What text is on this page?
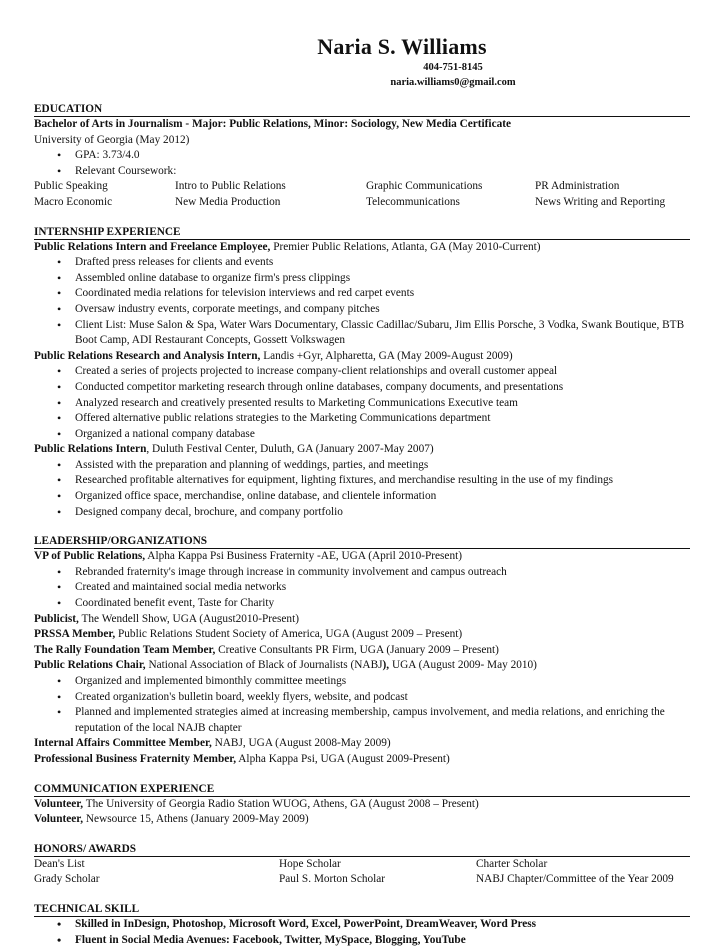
Naria S. Williams
404-751-8145
naria.williams0@gmail.com
EDUCATION
Bachelor of Arts in Journalism - Major: Public Relations, Minor: Sociology, New Media Certificate
University of Georgia (May 2012)
• GPA: 3.73/4.0
• Relevant Coursework:
Public Speaking	Intro to Public Relations	Graphic Communications	PR Administration
Macro Economic	New Media Production	Telecommunications	News Writing and Reporting
INTERNSHIP EXPERIENCE
Public Relations Intern and Freelance Employee, Premier Public Relations, Atlanta, GA (May 2010-Current)
• Drafted press releases for clients and events
• Assembled online database to organize firm's press clippings
• Coordinated media relations for television interviews and red carpet events
• Oversaw industry events, corporate meetings, and company pitches
• Client List: Muse Salon & Spa, Water Wars Documentary, Classic Cadillac/Subaru, Jim Ellis Porsche, 3 Vodka, Swank Boutique, BTB Boot Camp, ADI Restaurant Concepts, Gossett Volkswagen
Public Relations Research and Analysis Intern, Landis +Gyr, Alpharetta, GA (May 2009-August 2009)
• Created a series of projects projected to increase company-client relationships and overall customer appeal
• Conducted competitor marketing research through online databases, company documents, and presentations
• Analyzed research and creatively presented results to Marketing Communications Executive team
• Offered alternative public relations strategies to the Marketing Communications department
• Organized a national company database
Public Relations Intern, Duluth Festival Center, Duluth, GA (January 2007-May 2007)
• Assisted with the preparation and planning of weddings, parties, and meetings
• Researched profitable alternatives for equipment, lighting fixtures, and merchandise resulting in the use of my findings
• Organized office space, merchandise, online database, and clientele information
• Designed company decal, brochure, and company portfolio
LEADERSHIP/ORGANIZATIONS
VP of Public Relations, Alpha Kappa Psi Business Fraternity -AE, UGA (April 2010-Present)
• Rebranded fraternity's image through increase in community involvement and campus outreach
• Created and maintained social media networks
• Coordinated benefit event, Taste for Charity
Publicist, The Wendell Show, UGA (August2010-Present)
PRSSA Member, Public Relations Student Society of America, UGA (August 2009 – Present)
The Rally Foundation Team Member, Creative Consultants PR Firm, UGA (January 2009 – Present)
Public Relations Chair, National Association of Black of Journalists (NABJ), UGA (August 2009- May 2010)
• Organized and implemented bimonthly committee meetings
• Created organization's bulletin board, weekly flyers, website, and podcast
• Planned and implemented strategies aimed at increasing membership, campus involvement, and media relations, and enriching the reputation of the local NAJB chapter
Internal Affairs Committee Member, NABJ, UGA (August 2008-May 2009)
Professional Business Fraternity Member, Alpha Kappa Psi, UGA (August 2009-Present)
COMMUNICATION EXPERIENCE
Volunteer, The University of Georgia Radio Station WUOG, Athens, GA (August 2008 – Present)
Volunteer, Newsource 15, Athens (January 2009-May 2009)
HONORS/ AWARDS
Dean's List	Hope Scholar	Charter Scholar
Grady Scholar	Paul S. Morton Scholar	NABJ Chapter/Committee of the Year 2009
TECHNICAL SKILL
• Skilled in InDesign, Photoshop, Microsoft Word, Excel, PowerPoint, DreamWeaver, Word Press
• Fluent in Social Media Avenues: Facebook, Twitter, MySpace, Blogging, YouTube
